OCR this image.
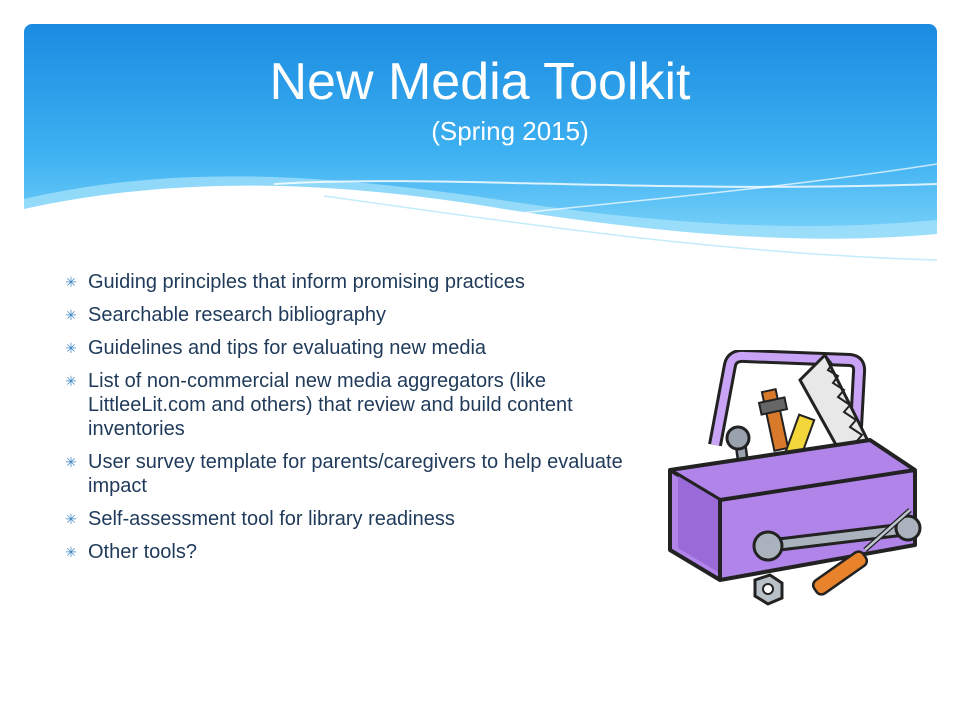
New Media Toolkit
(Spring 2015)
✳ Guiding principles that inform promising practices
✳ Searchable research bibliography
✳ Guidelines and tips for evaluating new media
✳ List of non-commercial new media aggregators (like LittleeLit.com and others) that review and build content inventories
✳ User survey template for parents/caregivers to help evaluate impact
✳ Self-assessment tool for library readiness
✳ Other tools?
